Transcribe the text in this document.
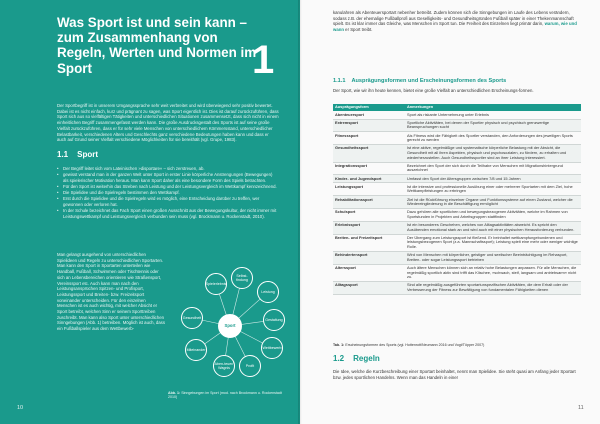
Was Sport ist und sein kann – zum Zusammenhang von Regeln, Werten und Normen im Sport	1
Der Sportbegriff ist in unserem Umgangssprache sehr weit verbreitet und wird überwiegend sehr positiv bewertet. Dabei ist es nicht einfach, kurz und prägnant zu sagen, was Sport eigentlich ist. Dies ist darauf zurückzuführen, dass Sport sich aus so vielfältigen Tätigkeiten und unterschiedlichen Situationen zusammensetzt, dass sich nicht in einem einheitlichen Begriff zusammengefasst werden kann. Die große Ausdrucksgestalt des Sports ist auf seine große Vielfalt zurückzuführen, dass er für sehr viele Menschen von unterschiedlichem Kömmersstand, unterschiedlicher Belastbarkeit, verschiedenen Alters und Geschlechts ganz verschiedene Bedeutungen haben kann und dass er auch auf Grund seiner Vielfalt verschiedene Möglichkeiten für sie bereithält (vgl. Grupe, 1983).
1.1 Sport
• Der Begriff leitet sich vom Lateinischen »disportare« – sich zerstreuen, ab.
• gewisst verstand man in der ganzen Welt unter Sport in erster Linie körperliche Anstrengungen (Bewegungen) als spielerischer Motivation heraus. Man kann Sport daher als eine besondere Form des Spiels betrachten.
• Für den Sport ist weiterhin das Streben nach Leistung und der Leistungsvergleich im Wettkampf kennzeichnend.
• Die Spielidee und die Spielregeln bestimmen den Wettkampf.
• Erst durch die Spielidee und die Spielregeln wird es möglich, eine Entscheidung darüber zu treffen, wer gewonnen oder verloren hat.
• In der Schule bezeichnet das Fach Sport einen großen Ausschnitt aus der Bewegungskultur, der nicht immer mit Leistungswettkampf und Leistungsvergleich verbunden sein muss (vgl. Brockmann u. Rockenstadt, 2010).
Man gelangt ausgehend von unterschiedlichen Spielideen und Regeln zu unterschiedlichen Sportarten. Man kann den Sport in Sportarten unterteilen wie Handball, Fußball, Schwimmen oder Tischtennis oder sich an Lebensbereichen orientieren wie Straßensport, Vereinssport etc. Auch kann man nach den Leistungsansprüchen Spitzen- und Profisport, Leistungssport und Breiten- bzw. Freizeitsport voneinander unterscheiden. Für den einzelnen Menschen ist es auch wichtig, mit welcher Absicht er Sport betreibt, welchen Sinn er seinem Sporttreiben zuschreibt. Man kann also Sport unter unterschiedlichen Sinngebungen (Abb. 1) betreiben. Möglich ist auch, dass ein Fußballspieler aus dem Wettbewerb-
Gesundheit
Spielerlebnis
Selbst-findung
Leistung
Gestaltung
Wettbewerb
Profit
Aben-teuer/ Wagnis
Miteinander
Sport
Abb. 1: Sinngebungen im Sport (mod. nach Brockmann u. Rockenstadt 2010)
10
kanulahren als Abenteuersportart nebenher betreibt. Zudem können sich die Sinngebungen im Laufe des Lebens verändern, sodass z.B. der ehemalige Fußballprofi aus Geselligkeits- und Gesundheitsgründen Fußball später in einer Thekenmannschaft spielt. Es ist klar immer das Gleiche, was Menschen im Sport tun. Die Freiheit des Einzelnen liegt primär darin, warum, wie und wann er Sport treibt.
1.1.1 Ausprägungsformen und Erscheinungsformen des Sports
Der Sport, wie wir ihn heute kennen, bietet eine große Vielfalt an unterschiedlichen Erscheinungs-formen.
Ausprägungsform	Anmerkungen
Abenteuersport	Sport als riskante Unternehmung unter Erlebnis
Extremsport	Sportliche Aktivitäten, bei denen der Sportler physisch und psychisch grenzwertige Beanspruchungen sucht
Fitnesssport	Als Fitness wird die Fähigkeit des Sportler verstanden, den Anforderungen des jeweiligen Sports gerecht zu werden
Gesundheitssport	Ist eine aktive, regelmäßige und systematische körperliche Belastung mit der Absicht, die Gesundheit mit all ihren Aspekten, physisch und psychosozialen, zu fördern, zu erhalten und wiederherzustellen. Auch Gesundheitssportler sind an ihrer Leistung interessiert.
Integrationssport	Bezeichnet den Sport der sich durch die Teilhabe von Menschen mit Migrationshintergrund auszeichnet
Kinder- und Jugendsport	Umfasst den Sport der Altersgruppen zwischen 7/8 und 15 Jahren
Leistungssport	Ist die intensive und professionelle Ausübung einer oder mehrerer Sportarten mit dem Ziel, hohe Wettkampfleistungen zu erbringen
Rehabilitationssport	Ziel ist die Rückführung einzelner Organe und Funktionssysteme auf einen Zustand, welcher die Wiedereingliederung in die Beschäftigung ermöglicht
Schulsport	Dazu gehören alle sportlichen und bewegungsbezogenen Aktivitäten, welche im Rahmen von Sportstunden in Projekten und Arbeitsgruppen stattfinden
Erlebnissport	Ist ein besonderes Geschehen, welches von Alltagsaktivitäten abweicht. Es spricht den Ausübenden emotional stark an und wird auch mit einer physischen Herausforderung verbunden.
Breiten- und Freizeitsport	Der Übergang zum Leistungssport ist fließend. Er beinhaltet wettkampfungebundenen und leistungsbezogenen Sport (z.a. Mannschaftssport); Leistung spielt eine mehr oder weniger wichtige Rolle.
Behindertensport	Wird von Menschen mit körperlicher, geistiger und seelischer Beeinträchtigung im Rehasport, Breiten- oder sogar Leistungssport betrieben
Alterssport	Auch ältere Menschen können sich an relativ hohe Belastungen anpassen. Für alle Menschen, die regelmäßig sportlich aktiv sind trifft das Klischee, »schwach, steif, langsam und antriebsarm« nicht zu.
Alltagssport	Sind alle regelmäßig ausgeführten sportartunspezifischen Aktivitäten, die dem Erhalt oder der Verbesserung der Fitness zur Bewältigung von fundamentalen Fähigkeiten dienen
Tab. 1: Erscheinungsformen des Sports (vgl. Hottenrott/Neumann 2016 und Vogt/Töpper 2007)
1.2 Regeln
Die Idee, welche die Kurzbeschreibung einer Sportart beinhaltet, nennt man Spielidee. Sie steht quasi am Anfang jeder Sportart bzw. jedes sportlichen Handelns. Wenn man das Handeln in einer
11
